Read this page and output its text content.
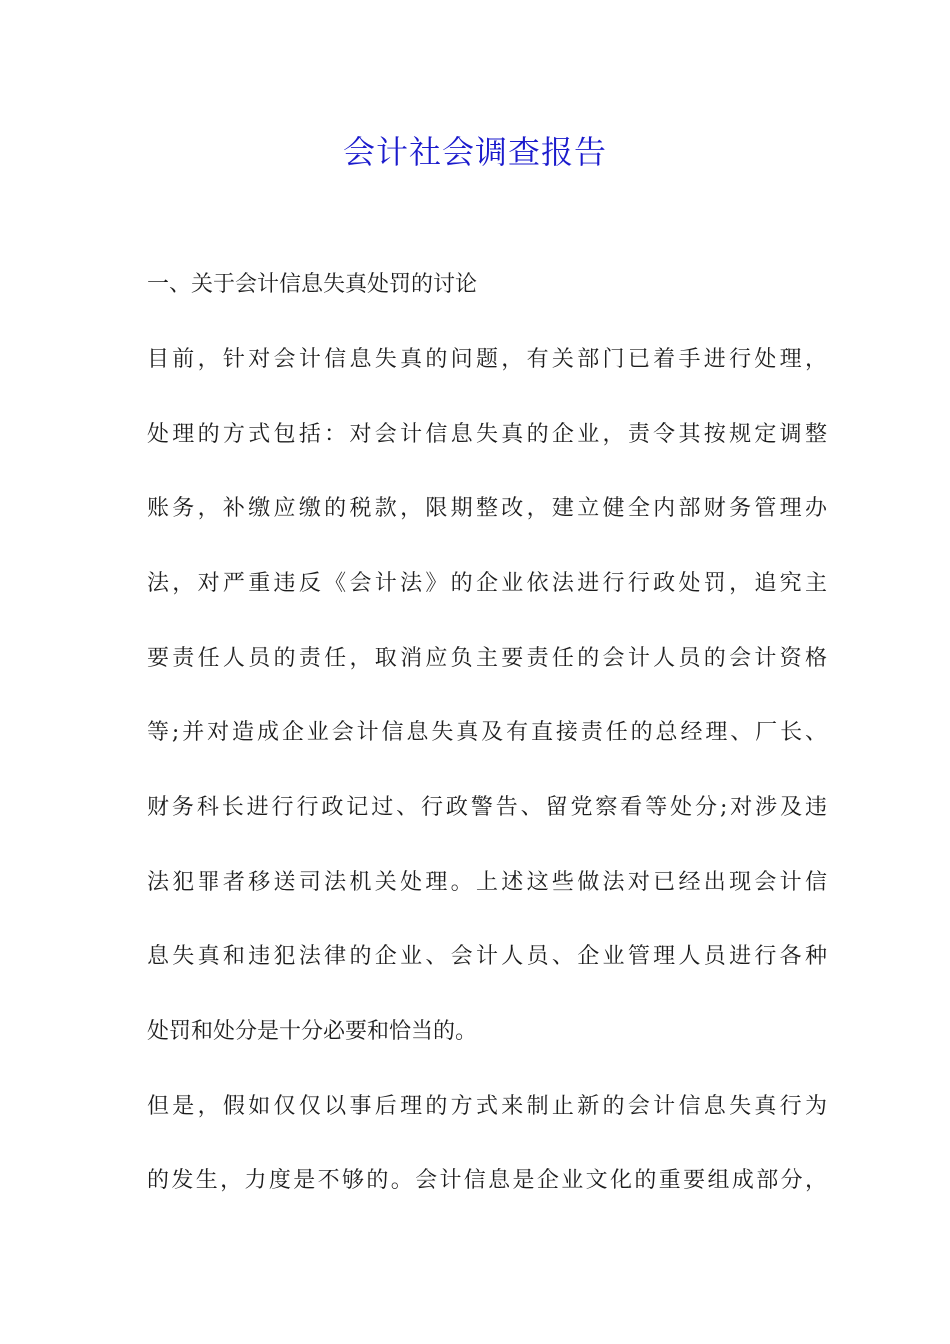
会计社会调查报告

一、关于会计信息失真处罚的讨论

目前，针对会计信息失真的问题，有关部门已着手进行处理，

处理的方式包括：对会计信息失真的企业，责令其按规定调整

账务，补缴应缴的税款，限期整改，建立健全内部财务管理办

法，对严重违反《会计法》的企业依法进行行政处罚，追究主

要责任人员的责任，取消应负主要责任的会计人员的会计资格

等;并对造成企业会计信息失真及有直接责任的总经理、厂长、

财务科长进行行政记过、行政警告、留党察看等处分;对涉及违

法犯罪者移送司法机关处理。上述这些做法对已经出现会计信

息失真和违犯法律的企业、会计人员、企业管理人员进行各种

处罚和处分是十分必要和恰当的。

但是，假如仅仅以事后理的方式来制止新的会计信息失真行为

的发生，力度是不够的。会计信息是企业文化的重要组成部分，
